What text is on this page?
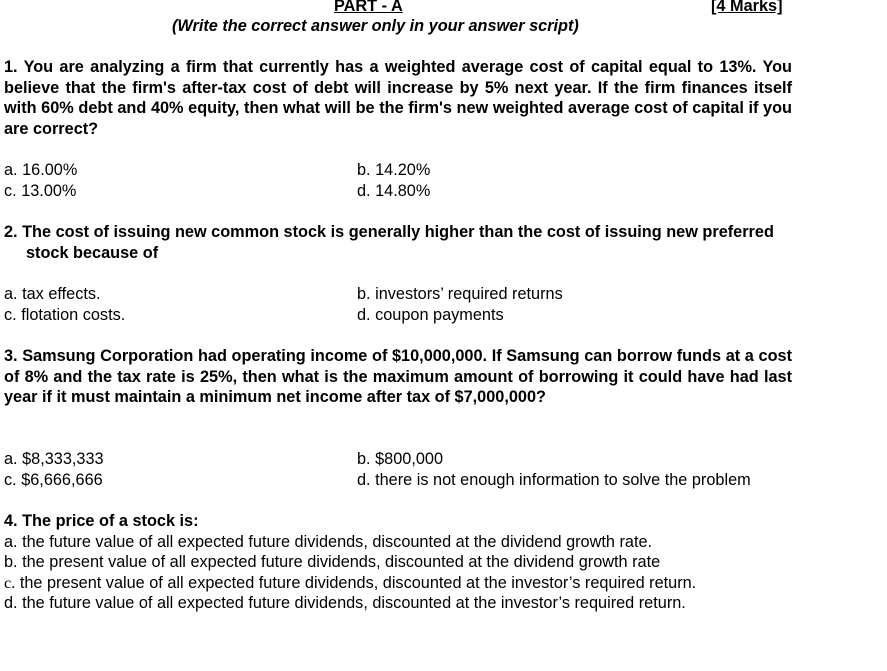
PART - A	[4 Marks]
(Write the correct answer only in your answer script)
1. You are analyzing a firm that currently has a weighted average cost of capital equal to 13%. You believe that the firm's after-tax cost of debt will increase by 5% next year. If the firm finances itself with 60% debt and 40% equity, then what will be the firm's new weighted average cost of capital if you are correct?
a. 16.00%	b. 14.20%
c. 13.00%	d. 14.80%
2. The cost of issuing new common stock is generally higher than the cost of issuing new preferred stock because of
a. tax effects.	b. investors’ required returns
c. flotation costs.	d. coupon payments
3. Samsung Corporation had operating income of $10,000,000. If Samsung can borrow funds at a cost of 8% and the tax rate is 25%, then what is the maximum amount of borrowing it could have had last year if it must maintain a minimum net income after tax of $7,000,000?
a. $8,333,333	b. $800,000
c. $6,666,666	d. there is not enough information to solve the problem
4. The price of a stock is:
a. the future value of all expected future dividends, discounted at the dividend growth rate.
b. the present value of all expected future dividends, discounted at the dividend growth rate
c. the present value of all expected future dividends, discounted at the investor’s required return.
d. the future value of all expected future dividends, discounted at the investor’s required return.
